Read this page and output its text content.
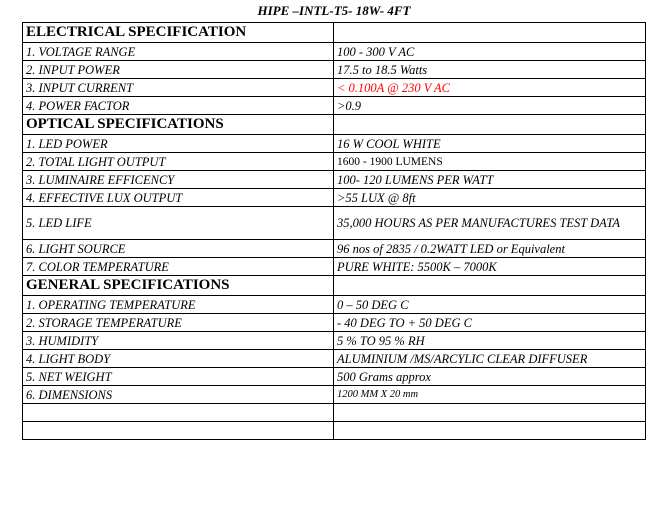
HIPE –INTL-T5- 18W- 4FT
ELECTRICAL SPECIFICATION	
1. VOLTAGE RANGE	100 - 300 V AC
2. INPUT POWER	17.5 to 18.5 Watts
3. INPUT CURRENT	< 0.100A @ 230 V AC
4. POWER FACTOR	>0.9
OPTICAL SPECIFICATIONS	
1. LED POWER	16 W COOL WHITE
2. TOTAL LIGHT OUTPUT	1600 - 1900 LUMENS
3. LUMINAIRE EFFICENCY	100- 120 LUMENS PER WATT
4. EFFECTIVE LUX OUTPUT	>55 LUX @ 8ft
5. LED LIFE	35,000 HOURS AS PER MANUFACTURES TEST DATA
6. LIGHT SOURCE	96 nos of 2835 / 0.2WATT LED or Equivalent
7. COLOR TEMPERATURE	PURE WHITE: 5500K – 7000K
GENERAL SPECIFICATIONS	
1. OPERATING TEMPERATURE	0 – 50 DEG C
2. STORAGE TEMPERATURE	- 40 DEG TO + 50 DEG C
3. HUMIDITY	5 % TO 95 % RH
4. LIGHT BODY	ALUMINIUM /MS/ARCYLIC CLEAR DIFFUSER
5. NET WEIGHT	500 Grams approx
6. DIMENSIONS	1200 MM X 20 mm
